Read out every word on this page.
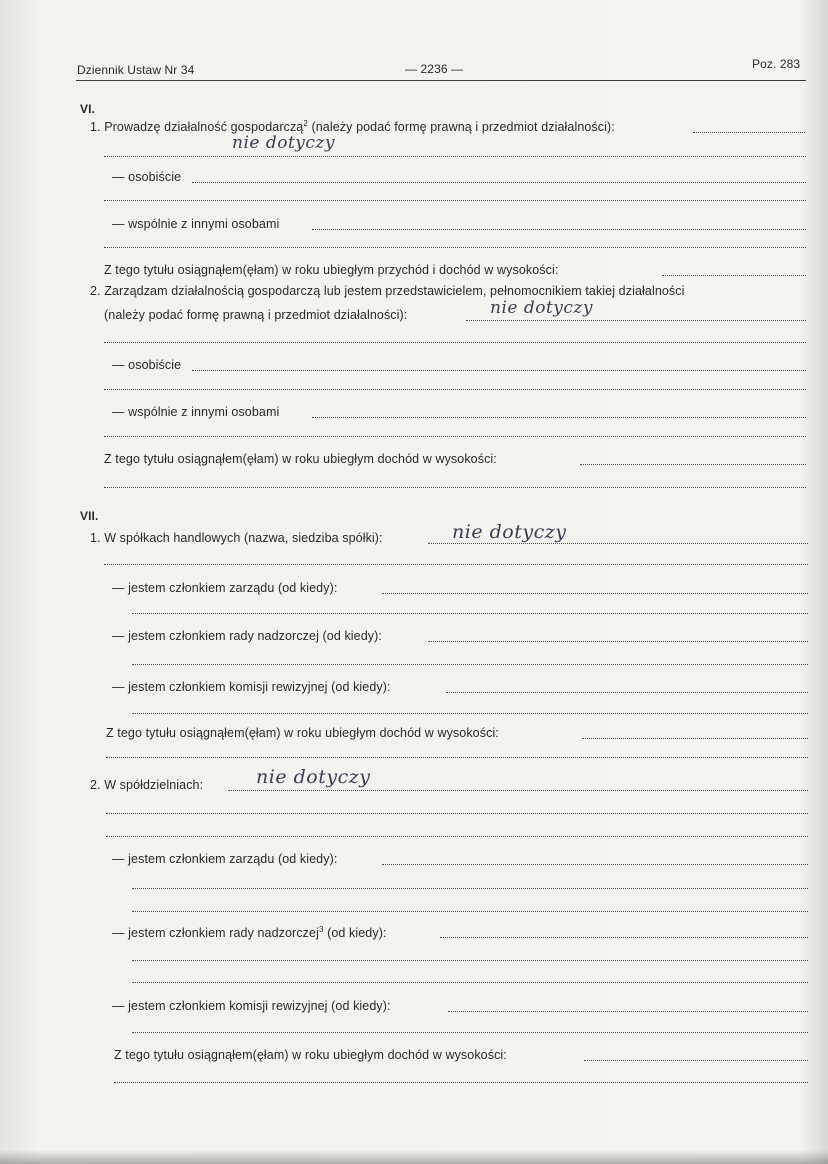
Dziennik Ustaw Nr 34	— 2236 —	Poz. 283
VI.
1. Prowadzę działalność gospodarczą$^2$ (należy podać formę prawną i przedmiot działalności):
nie dotyczy
— osobiście
— wspólnie z innymi osobami
Z tego tytułu osiągnąłem(ęłam) w roku ubiegłym przychód i dochód w wysokości:
2. Zarządzam działalnością gospodarczą lub jestem przedstawicielem, pełnomocnikiem takiej działalności
(należy podać formę prawną i przedmiot działalności):	nie dotyczy
— osobiście
— wspólnie z innymi osobami
Z tego tytułu osiągnąłem(ęłam) w roku ubiegłym dochód w wysokości:
VII.
1. W spółkach handlowych (nazwa, siedziba spółki):	nie dotyczy
— jestem członkiem zarządu (od kiedy):
— jestem członkiem rady nadzorczej (od kiedy):
— jestem członkiem komisji rewizyjnej (od kiedy):
Z tego tytułu osiągnąłem(ęłam) w roku ubiegłym dochód w wysokości:
2. W spółdzielniach:	nie dotyczy
— jestem członkiem zarządu (od kiedy):
— jestem członkiem rady nadzorczej$^3$ (od kiedy):
— jestem członkiem komisji rewizyjnej (od kiedy):
Z tego tytułu osiągnąłem(ęłam) w roku ubiegłym dochód w wysokości:
